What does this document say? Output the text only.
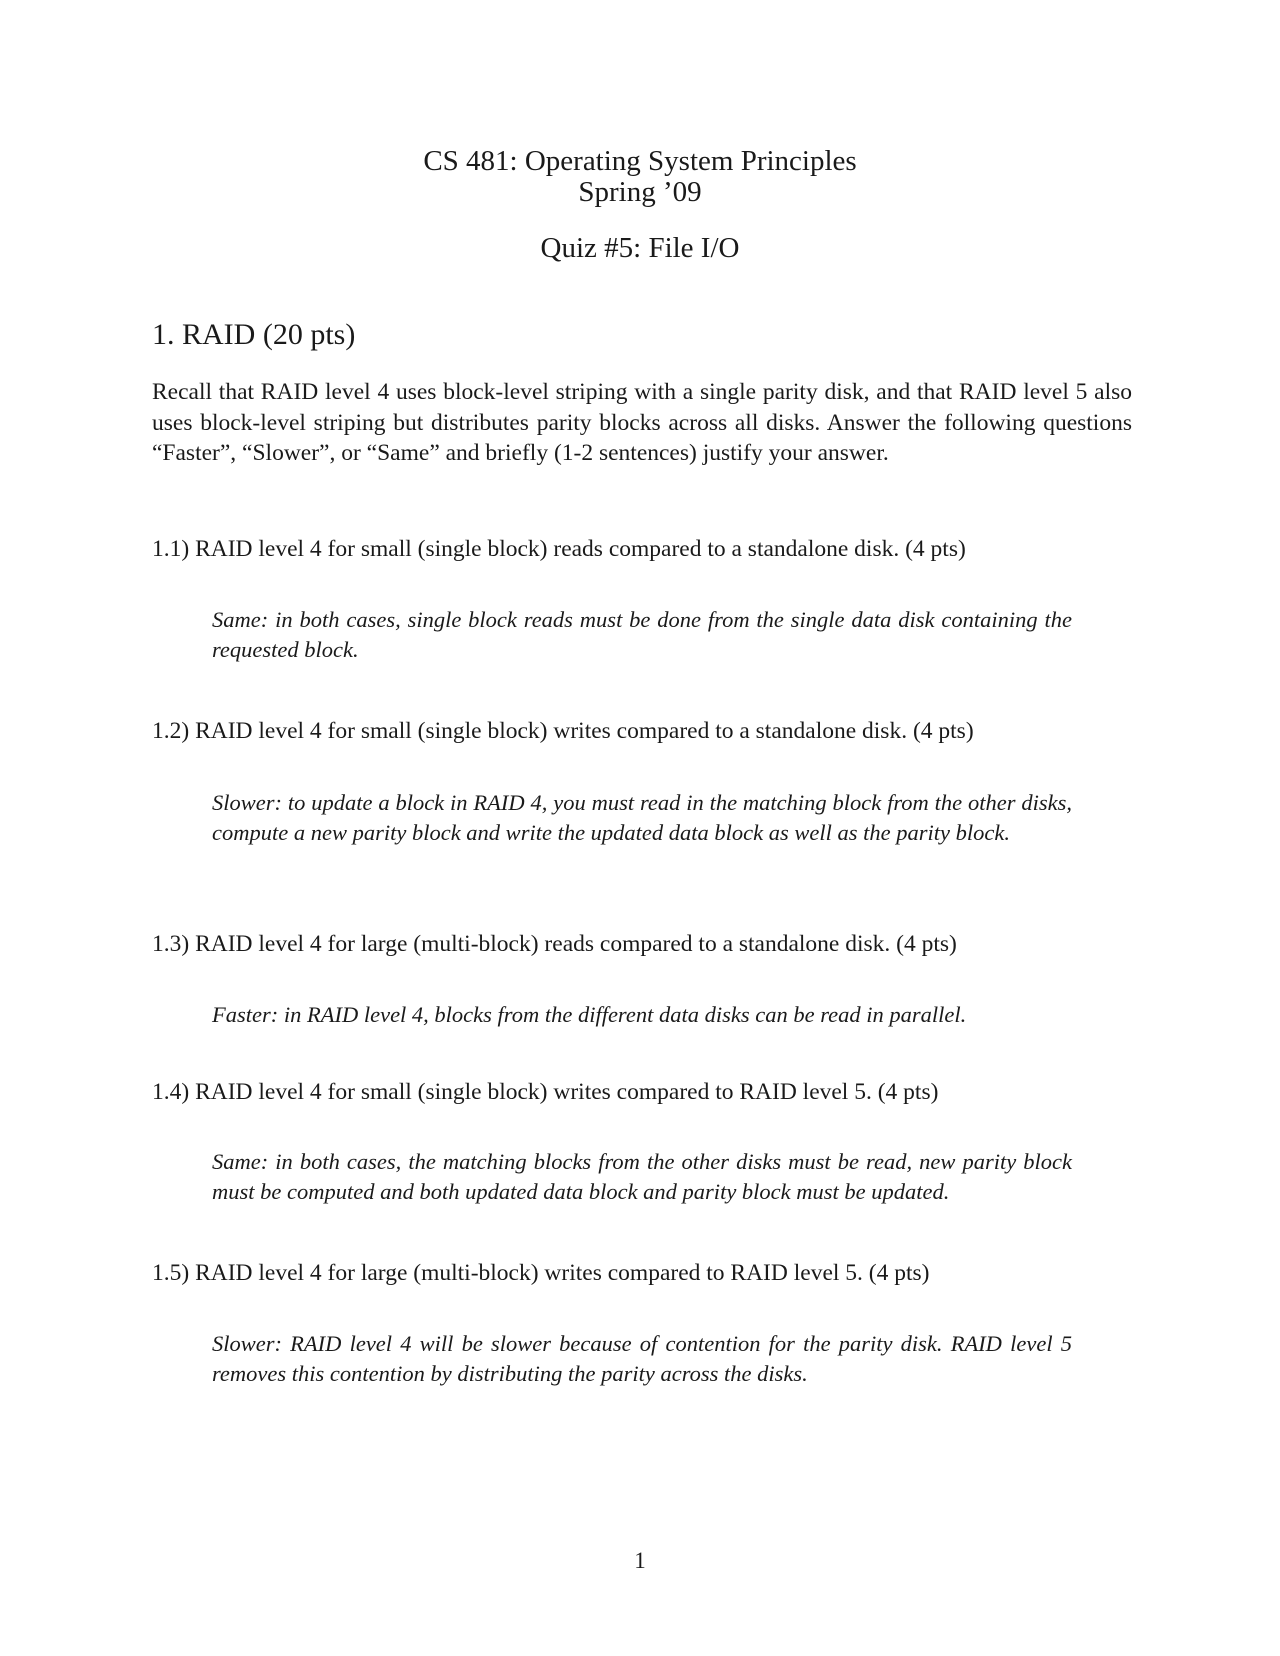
CS 481: Operating System Principles
Spring ’09
Quiz #5: File I/O
1. RAID (20 pts)
Recall that RAID level 4 uses block-level striping with a single parity disk, and that RAID level 5 also uses block-level striping but distributes parity blocks across all disks. Answer the following questions “Faster”, “Slower”, or “Same” and briefly (1-2 sentences) justify your answer.
1.1) RAID level 4 for small (single block) reads compared to a standalone disk. (4 pts)
Same: in both cases, single block reads must be done from the single data disk containing the requested block.
1.2) RAID level 4 for small (single block) writes compared to a standalone disk. (4 pts)
Slower: to update a block in RAID 4, you must read in the matching block from the other disks, compute a new parity block and write the updated data block as well as the parity block.
1.3) RAID level 4 for large (multi-block) reads compared to a standalone disk. (4 pts)
Faster: in RAID level 4, blocks from the different data disks can be read in parallel.
1.4) RAID level 4 for small (single block) writes compared to RAID level 5. (4 pts)
Same: in both cases, the matching blocks from the other disks must be read, new parity block must be computed and both updated data block and parity block must be updated.
1.5) RAID level 4 for large (multi-block) writes compared to RAID level 5. (4 pts)
Slower: RAID level 4 will be slower because of contention for the parity disk. RAID level 5 removes this contention by distributing the parity across the disks.
1
